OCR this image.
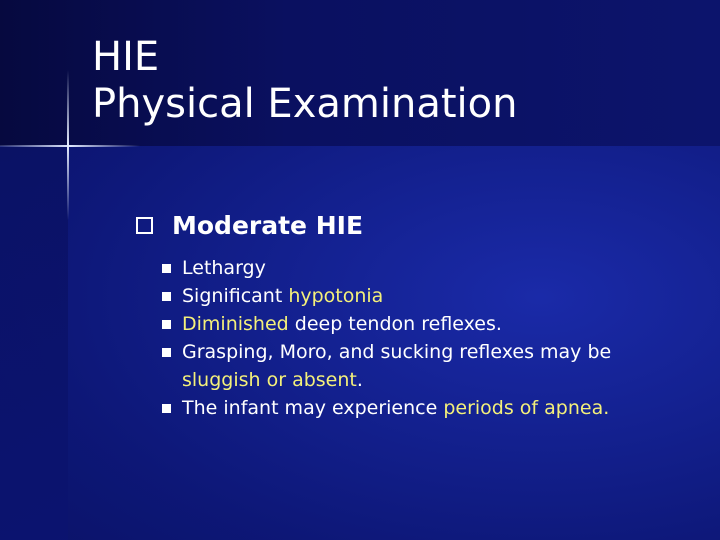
HIE
Physical Examination
Moderate HIE
Lethargy
Significant hypotonia
Diminished deep tendon reflexes.
Grasping, Moro, and sucking reflexes may be sluggish or absent.
The infant may experience periods of apnea.
